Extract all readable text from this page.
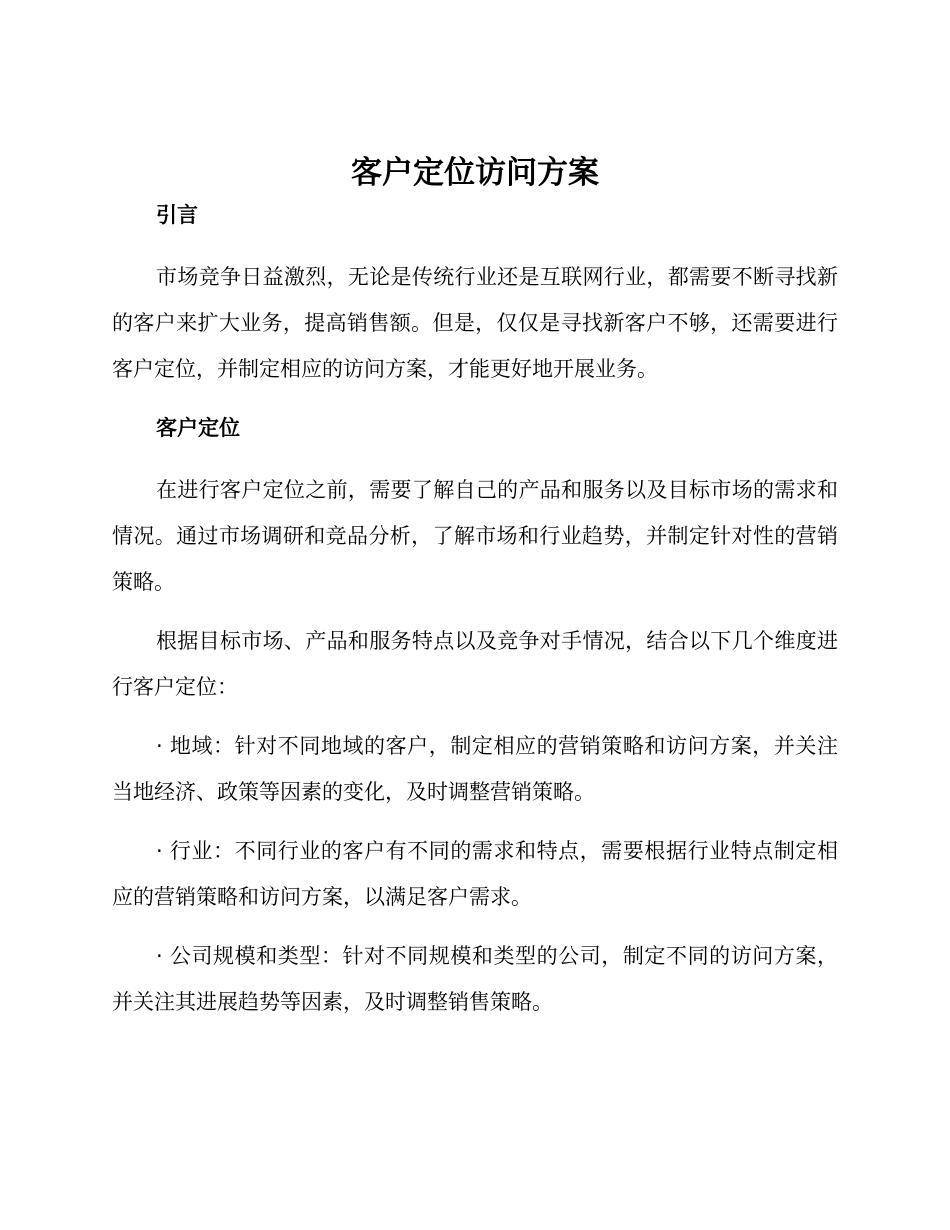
客户定位访问方案
引言

市场竞争日益激烈，无论是传统行业还是互联网行业，都需要不断寻找新的客户来扩大业务，提高销售额。但是，仅仅是寻找新客户不够，还需要进行客户定位，并制定相应的访问方案，才能更好地开展业务。

客户定位

在进行客户定位之前，需要了解自己的产品和服务以及目标市场的需求和情况。通过市场调研和竞品分析，了解市场和行业趋势，并制定针对性的营销策略。

根据目标市场、产品和服务特点以及竞争对手情况，结合以下几个维度进行客户定位：

· 地域：针对不同地域的客户，制定相应的营销策略和访问方案，并关注当地经济、政策等因素的变化，及时调整营销策略。

· 行业：不同行业的客户有不同的需求和特点，需要根据行业特点制定相应的营销策略和访问方案，以满足客户需求。

· 公司规模和类型：针对不同规模和类型的公司，制定不同的访问方案，并关注其进展趋势等因素，及时调整销售策略。
